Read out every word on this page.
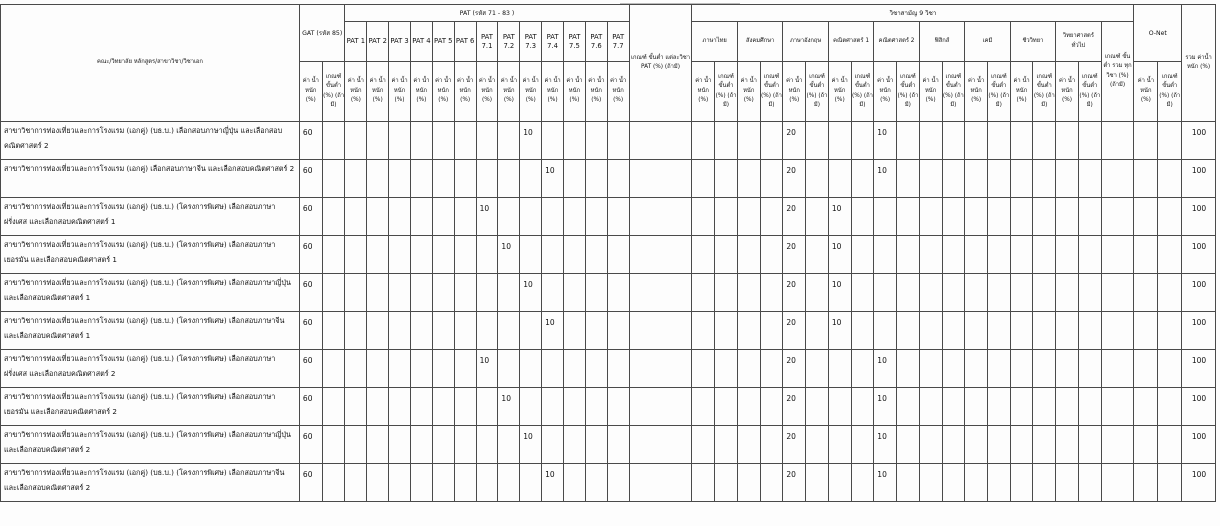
คณะ/วิทยาลัย หลักสูตร/สาขาวิชา/วิชาเอก	GAT (รหัส 85)		PAT (รหัส 71 - 83 )													เกณฑ์ ขั้นต่ำ แต่ละวิชา PAT (%) (ถ้ามี)	วิชาสามัญ 9 วิชา																			O-Net		รวม ค่าน้ำหนัก (%)
			PAT 1	PAT 2	PAT 3	PAT 4	PAT 5	PAT 6	PAT 7.1	PAT 7.2	PAT 7.3	PAT 7.4	PAT 7.5	PAT 7.6	PAT 7.7		ภาษาไทย		สังคมศึกษา		ภาษาอังกฤษ		คณิตศาสตร์ 1		คณิตศาสตร์ 2		ฟิสิกส์		เคมี		ชีววิทยา		วิทยาศาสตร์ทั่วไป		เกณฑ์ ขั้นต่ำ รวม ทุกวิชา (%) (ถ้ามี)			
	ค่า น้ำ หนัก (%)	เกณฑ์ ขั้นต่ำ (%) (ถ้ามี)	ค่า น้ำ หนัก (%)	ค่า น้ำ หนัก (%)	ค่า น้ำ หนัก (%)	ค่า น้ำ หนัก (%)	ค่า น้ำ หนัก (%)	ค่า น้ำ หนัก (%)	ค่า น้ำ หนัก (%)	ค่า น้ำ หนัก (%)	ค่า น้ำ หนัก (%)	ค่า น้ำ หนัก (%)	ค่า น้ำ หนัก (%)	ค่า น้ำ หนัก (%)	ค่า น้ำ หนัก (%)		ค่า น้ำ หนัก (%)	เกณฑ์ ขั้นต่ำ (%) (ถ้ามี)	ค่า น้ำ หนัก (%)	เกณฑ์ ขั้นต่ำ (%) (ถ้ามี)	ค่า น้ำ หนัก (%)	เกณฑ์ ขั้นต่ำ (%) (ถ้ามี)	ค่า น้ำ หนัก (%)	เกณฑ์ ขั้นต่ำ (%) (ถ้ามี)	ค่า น้ำ หนัก (%)	เกณฑ์ ขั้นต่ำ (%) (ถ้ามี)	ค่า น้ำ หนัก (%)	เกณฑ์ ขั้นต่ำ (%) (ถ้ามี)	ค่า น้ำ หนัก (%)	เกณฑ์ ขั้นต่ำ (%) (ถ้ามี)	ค่า น้ำ หนัก (%)	เกณฑ์ ขั้นต่ำ (%) (ถ้ามี)	ค่า น้ำ หนัก (%)	เกณฑ์ ขั้นต่ำ (%) (ถ้ามี)		ค่า น้ำ หนัก (%)	เกณฑ์ ขั้นต่ำ (%) (ถ้ามี)	
สาขาวิชาการท่องเที่ยวและการโรงแรม (เอกคู่) (บธ.บ.) เลือกสอบภาษาญี่ปุ่น และเลือกสอบคณิตศาสตร์ 2	60										10										20				10													100
สาขาวิชาการท่องเที่ยวและการโรงแรม (เอกคู่) เลือกสอบภาษาจีน และเลือกสอบคณิตศาสตร์ 2	60											10									20				10													100
สาขาวิชาการท่องเที่ยวและการโรงแรม (เอกคู่) (บธ.บ.) (โครงการพิเศษ) เลือกสอบภาษาฝรั่งเศส และเลือกสอบคณิตศาสตร์ 1	60								10												20		10															100
สาขาวิชาการท่องเที่ยวและการโรงแรม (เอกคู่) (บธ.บ.) (โครงการพิเศษ) เลือกสอบภาษาเยอรมัน และเลือกสอบคณิตศาสตร์ 1	60									10											20		10															100
สาขาวิชาการท่องเที่ยวและการโรงแรม (เอกคู่) (บธ.บ.) (โครงการพิเศษ) เลือกสอบภาษาญี่ปุ่น และเลือกสอบคณิตศาสตร์ 1	60										10										20		10															100
สาขาวิชาการท่องเที่ยวและการโรงแรม (เอกคู่) (บธ.บ.) (โครงการพิเศษ) เลือกสอบภาษาจีน และเลือกสอบคณิตศาสตร์ 1	60											10									20		10															100
สาขาวิชาการท่องเที่ยวและการโรงแรม (เอกคู่) (บธ.บ.) (โครงการพิเศษ) เลือกสอบภาษาฝรั่งเศส และเลือกสอบคณิตศาสตร์ 2	60								10												20				10													100
สาขาวิชาการท่องเที่ยวและการโรงแรม (เอกคู่) (บธ.บ.) (โครงการพิเศษ) เลือกสอบภาษาเยอรมัน และเลือกสอบคณิตศาสตร์ 2	60									10											20				10													100
สาขาวิชาการท่องเที่ยวและการโรงแรม (เอกคู่) (บธ.บ.) (โครงการพิเศษ) เลือกสอบภาษาญี่ปุ่น และเลือกสอบคณิตศาสตร์ 2	60										10										20				10													100
สาขาวิชาการท่องเที่ยวและการโรงแรม (เอกคู่) (บธ.บ.) (โครงการพิเศษ) เลือกสอบภาษาจีน และเลือกสอบคณิตศาสตร์ 2	60											10									20				10													100
